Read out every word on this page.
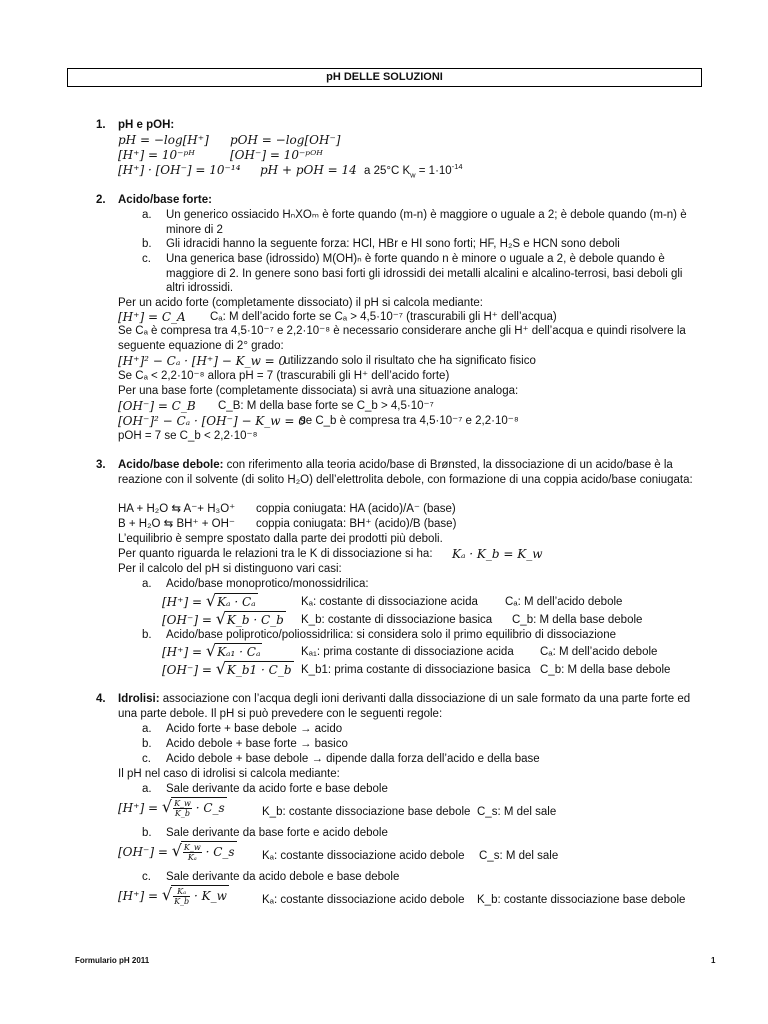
pH DELLE SOLUZIONI
1. pH e pOH:
pH = −log[H⁺] pOH = −log[OH⁻]
[H⁺] = 10⁻ᵖᴴ	[OH⁻] = 10⁻ᵖᴼᴴ
[H⁺] · [OH⁻] = 10⁻¹⁴ pH + pOH = 14 a 25°C $K_w = 1\cdot 10^{-14}$
2. Acido/base forte:
a. Un generico ossiacido HₙXOₘ è forte quando (m-n) è maggiore o uguale a 2; è debole quando (m-n) è minore di 2
b. Gli idracidi hanno la seguente forza: HCl, HBr e HI sono forti; HF, H₂S e HCN sono deboli
c. Una generica base (idrossido) M(OH)ₙ è forte quando n è minore o uguale a 2, è debole quando è maggiore di 2. In genere sono basi forti gli idrossidi dei metalli alcalini e alcalino-terrosi, basi deboli gli altri idrossidi.
Per un acido forte (completamente dissociato) il pH si calcola mediante:
[H⁺] = C_A Cₐ: M dell’acido forte se Cₐ > 4,5·10⁻⁷ (trascurabili gli H⁺ dell’acqua)
Se Cₐ è compresa tra 4,5·10⁻⁷ e 2,2·10⁻⁸ è necessario considerare anche gli H⁺ dell’acqua e quindi risolvere la seguente equazione di 2° grado:
[H⁺]² − Cₐ · [H⁺] − K_w = 0
utilizzando solo il risultato che ha significato fisico
Se Cₐ < 2,2·10⁻⁸ allora pH = 7 (trascurabili gli H⁺ dell’acido forte)
Per una base forte (completamente dissociata) si avrà una situazione analoga:
[OH⁻] = C_B C_B: M della base forte se C_b > 4,5·10⁻⁷
[OH⁻]² − Cₐ · [OH⁻] − K_w = 0
se C_b è compresa tra 4,5·10⁻⁷ e 2,2·10⁻⁸
pOH = 7 se C_b < 2,2·10⁻⁸
3. Acido/base debole: con riferimento alla teoria acido/base di Brønsted, la dissociazione di un acido/base è la reazione con il solvente (di solito H₂O) dell’elettrolita debole, con formazione di una coppia acido/base coniugata:
HA + H₂O ⇆ A⁻+ H₃O⁺ coppia coniugata: HA (acido)/A⁻ (base)
B + H₂O ⇆ BH⁺ + OH⁻ coppia coniugata: BH⁺ (acido)/B (base)
L’equilibrio è sempre spostato dalla parte dei prodotti più deboli.
Per quanto riguarda le relazioni tra le K di dissociazione si ha: Kₐ · K_b = K_w
Per il calcolo del pH si distinguono vari casi:
a. Acido/base monoprotico/monossidrilica:
[H⁺] = √Kₐ · Cₐ	Kₐ: costante di dissociazione acida Cₐ: M dell’acido debole
[OH⁻] = √K_b · C_b K_b: costante di dissociazione basica C_b: M della base debole
b. Acido/base poliprotico/poliossidrilica: si considera solo il primo equilibrio di dissociazione
[H⁺] = √Kₐ₁ · Cₐ	Kₐ₁: prima costante di dissociazione acida Cₐ: M dell’acido debole
[OH⁻] = √K_b1 · C_b K_b1: prima costante di dissociazione basica C_b: M della base debole
4. Idrolisi: associazione con l’acqua degli ioni derivanti dalla dissociazione di un sale formato da una parte forte ed una parte debole. Il pH si può prevedere con le seguenti regole:
a. Acido forte + base debole → acido
b. Acido debole + base forte → basico
c. Acido debole + base debole → dipende dalla forza dell’acido e della base
Il pH nel caso di idrolisi si calcola mediante:
a. Sale derivante da acido forte e base debole
[H⁺] = √ $\frac{K\_w}{K\_b}$ · C_s	K_b: costante dissociazione base debole C_s: M del sale
b. Sale derivante da base forte e acido debole
[OH⁻] = √ $\frac{K\_w}{\text{Kₐ}}$ · C_s Kₐ: costante dissociazione acido debole C_s: M del sale
c. Sale derivante da acido debole e base debole
[H⁺] = √ $\frac{\text{Kₐ}}{K\_b}$ · K_w	Kₐ: costante dissociazione acido debole K_b: costante dissociazione base debole
Formulario pH 2011	1
